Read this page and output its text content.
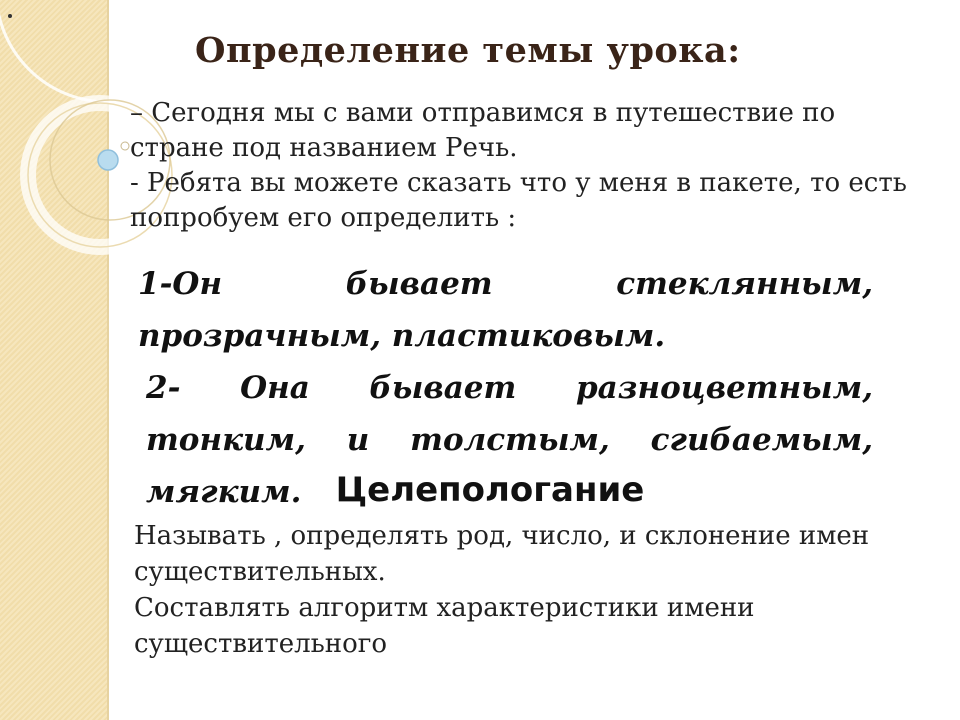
Определение темы урока:

– Сегодня мы с вами отправимся в путешествие по стране под названием Речь.

- Ребята вы можете сказать что у меня в пакете, то есть попробуем его определить :

1-Он бывает стеклянным, прозрачным, пластиковым.

2- Она бывает разноцветным, тонким, и толстым, сгибаемым, мягким.	Целепологание

Называть , определять род, число, и склонение имен существительных.

Составлять алгоритм характеристики имени существительного
